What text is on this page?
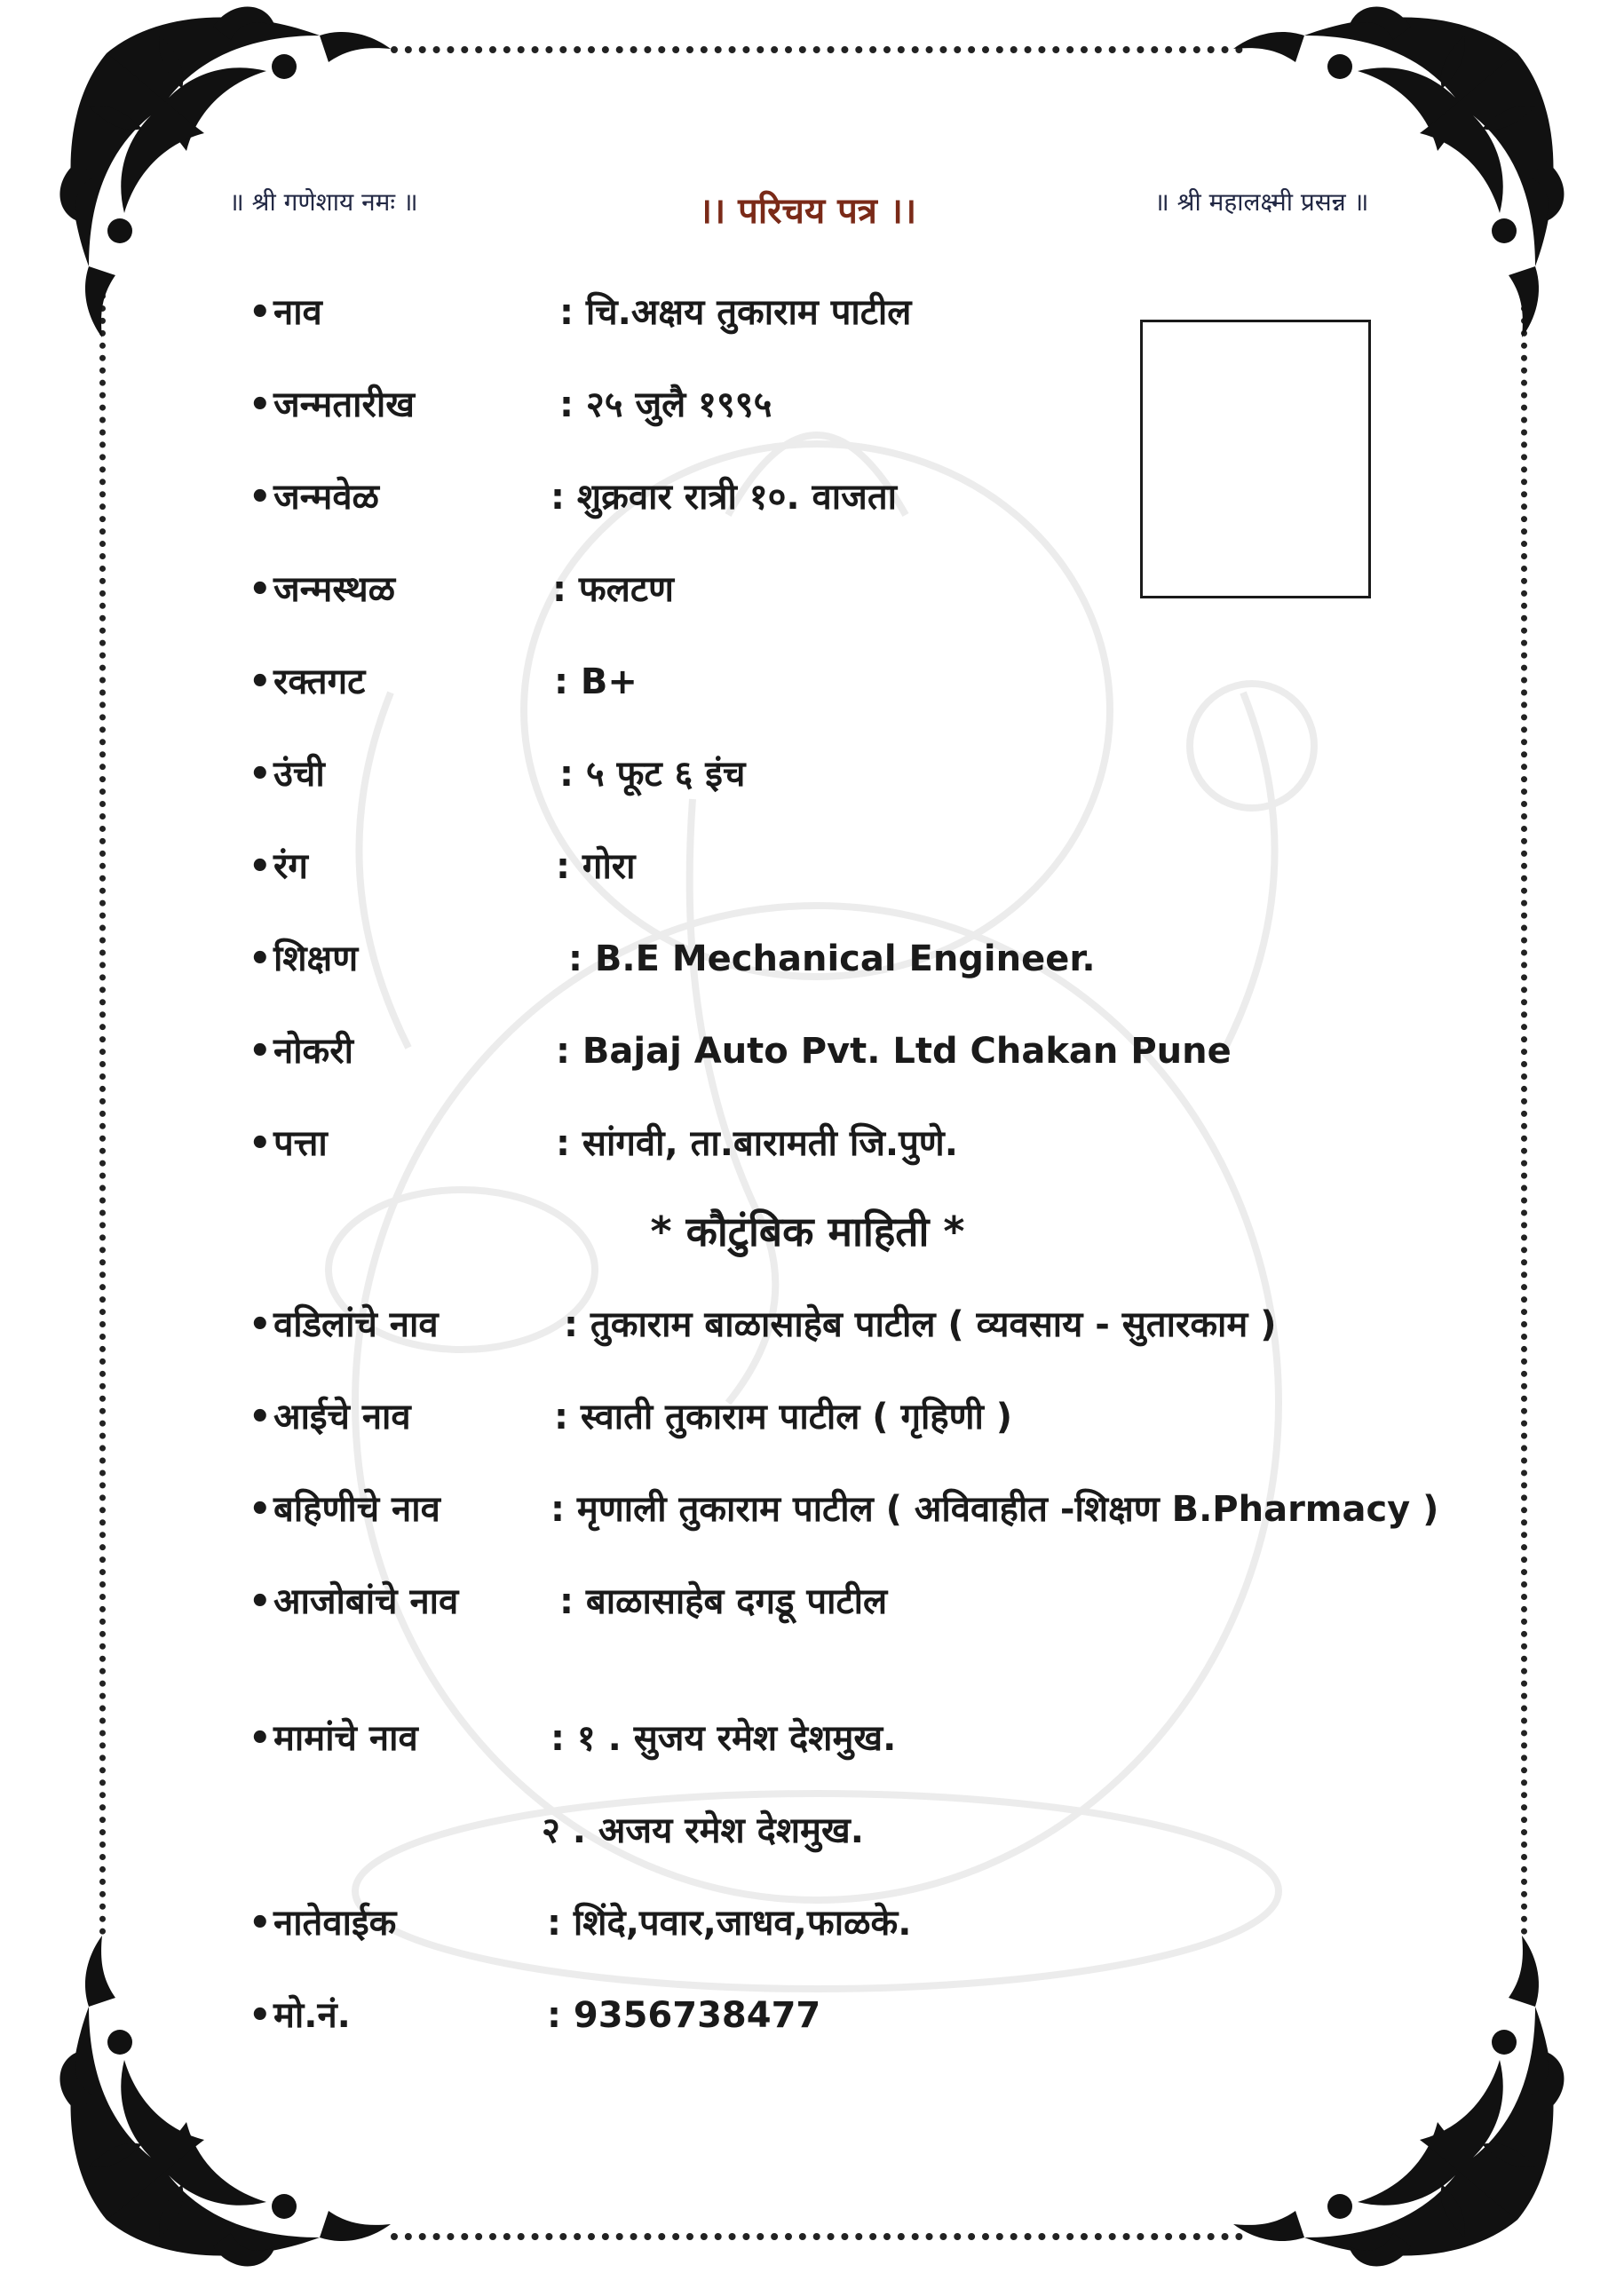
॥ श्री गणेशाय नमः ॥	।। परिचय पत्र ।।	॥ श्री महालक्ष्मी प्रसन्न ॥
• नाव	: चि.अक्षय तुकाराम पाटील
• जन्मतारीख	: २५ जुलै १९९५
• जन्मवेळ	: शुक्रवार रात्री १०. वाजता
• जन्मस्थळ	: फलटण
• रक्तगट	: B+
• उंची	: ५ फूट ६ इंच
• रंग	: गोरा
• शिक्षण	: B.E Mechanical Engineer.
• नोकरी	: Bajaj Auto Pvt. Ltd Chakan Pune
• पत्ता	: सांगवी, ता.बारामती जि.पुणे.
* कौटुंबिक माहिती *
• वडिलांचे नाव	: तुकाराम बाळासाहेब पाटील ( व्यवसाय - सुतारकाम )
• आईचे नाव	: स्वाती तुकाराम पाटील ( गृहिणी )
• बहिणीचे नाव	: मृणाली तुकाराम पाटील ( अविवाहीत -शिक्षण B.Pharmacy )
• आजोबांचे नाव	: बाळासाहेब दगडू पाटील
• मामांचे नाव	: १ . सुजय रमेश देशमुख.
२ . अजय रमेश देशमुख.
• नातेवाईक	: शिंदे,पवार,जाधव,फाळके.
• मो.नं.	: 9356738477
